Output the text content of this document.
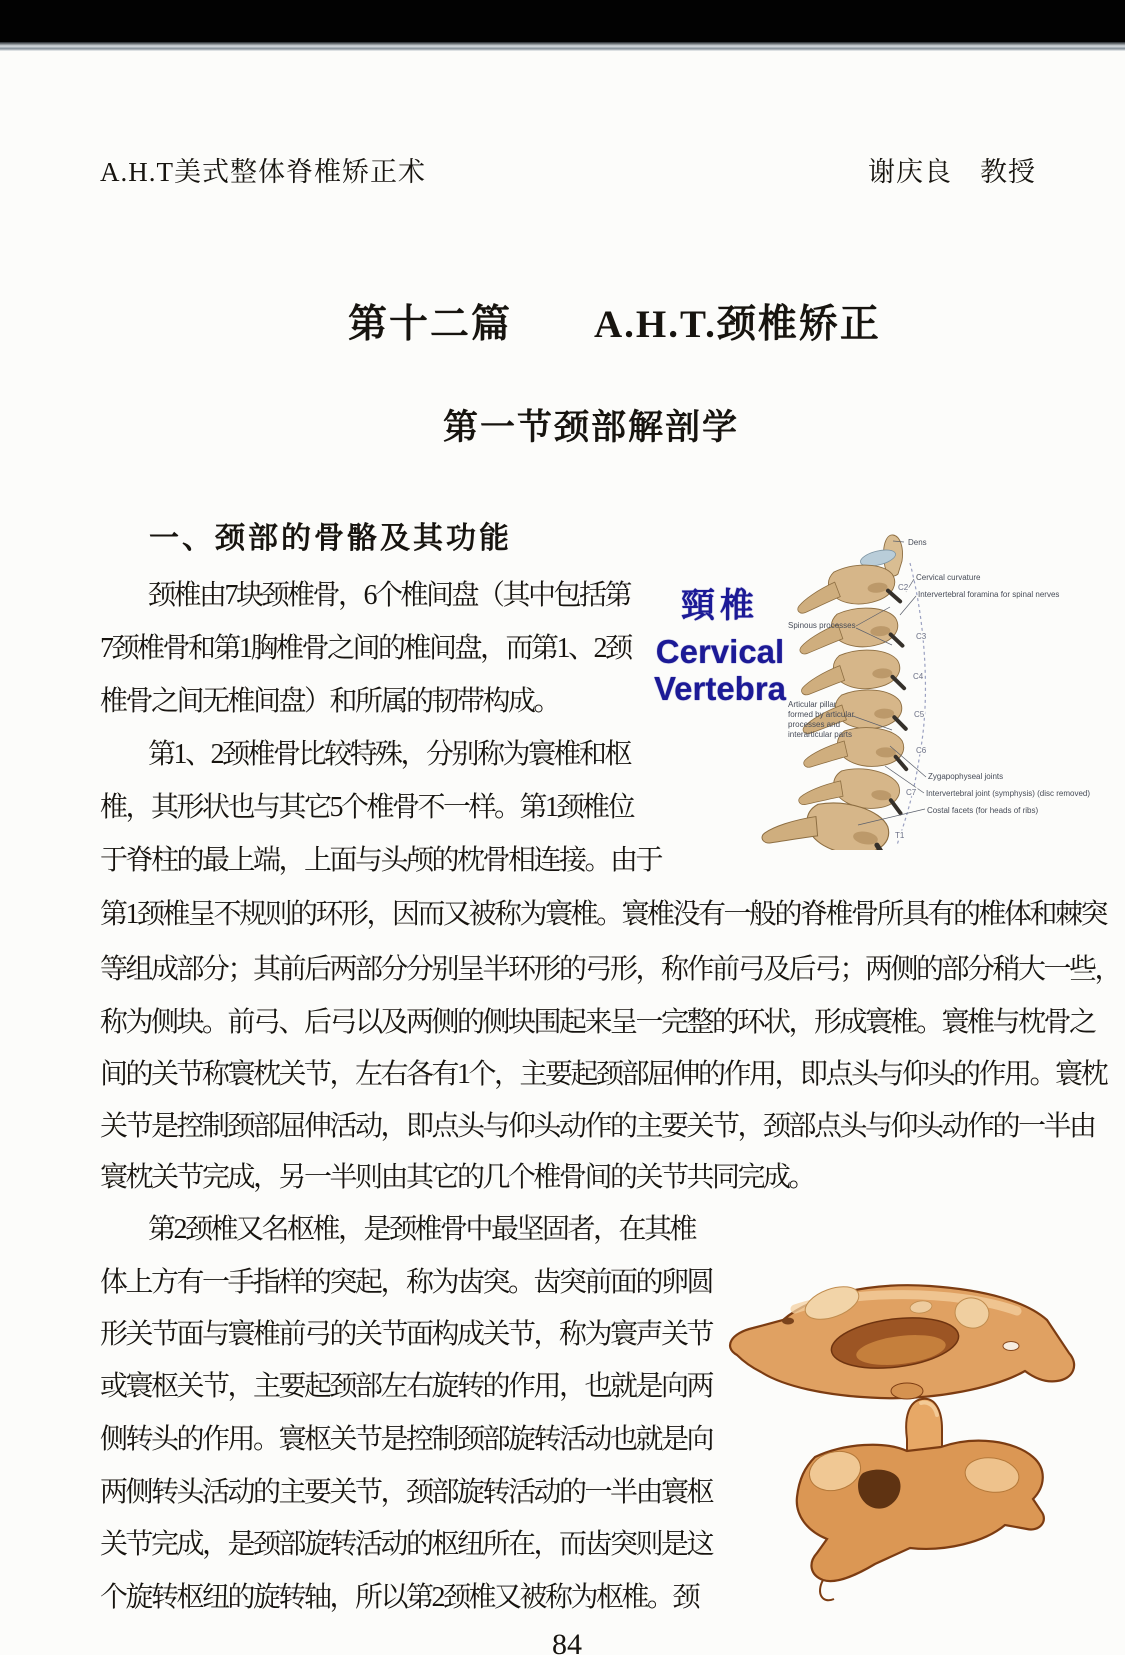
A.H.T美式整体脊椎矫正术	谢庆良　教授
第十二篇　　A.H.T.颈椎矫正
第一节颈部解剖学
一、颈部的骨骼及其功能
颈椎由7块颈椎骨，6个椎间盘（其中包括第
7颈椎骨和第1胸椎骨之间的椎间盘，而第1、2颈
椎骨之间无椎间盘）和所属的韧带构成。
第1、2颈椎骨比较特殊，分别称为寰椎和枢
椎，其形状也与其它5个椎骨不一样。第1颈椎位
于脊柱的最上端，上面与头颅的枕骨相连接。由于
第1颈椎呈不规则的环形，因而又被称为寰椎。寰椎没有一般的脊椎骨所具有的椎体和棘突
等组成部分；其前后两部分分别呈半环形的弓形，称作前弓及后弓；两侧的部分稍大一些，
称为侧块。前弓、后弓以及两侧的侧块围起来呈一完整的环状，形成寰椎。寰椎与枕骨之
间的关节称寰枕关节，左右各有1个，主要起颈部屈伸的作用，即点头与仰头的作用。寰枕
关节是控制颈部屈伸活动，即点头与仰头动作的主要关节，颈部点头与仰头动作的一半由
寰枕关节完成，另一半则由其它的几个椎骨间的关节共同完成。
第2颈椎又名枢椎，是颈椎骨中最坚固者，在其椎
体上方有一手指样的突起，称为齿突。齿突前面的卵圆
形关节面与寰椎前弓的关节面构成关节，称为寰声关节
或寰枢关节，主要起颈部左右旋转的作用，也就是向两
侧转头的作用。寰枢关节是控制颈部旋转活动也就是向
两侧转头活动的主要关节，颈部旋转活动的一半由寰枢
关节完成，是颈部旋转活动的枢纽所在，而齿突则是这
个旋转枢纽的旋转轴，所以第2颈椎又被称为枢椎。颈
84
頸椎
Cervical
Vertebra
C2
C3
C4
C5
C6
C7
T1
Dens
Cervical curvature
Intervertebral foramina for spinal nerves
Zygapophyseal joints
Intervertebral joint (symphysis) (disc removed)
Costal facets (for heads of ribs)
Spinous processes
Articular pillar formed by articular processes and interarticular parts
